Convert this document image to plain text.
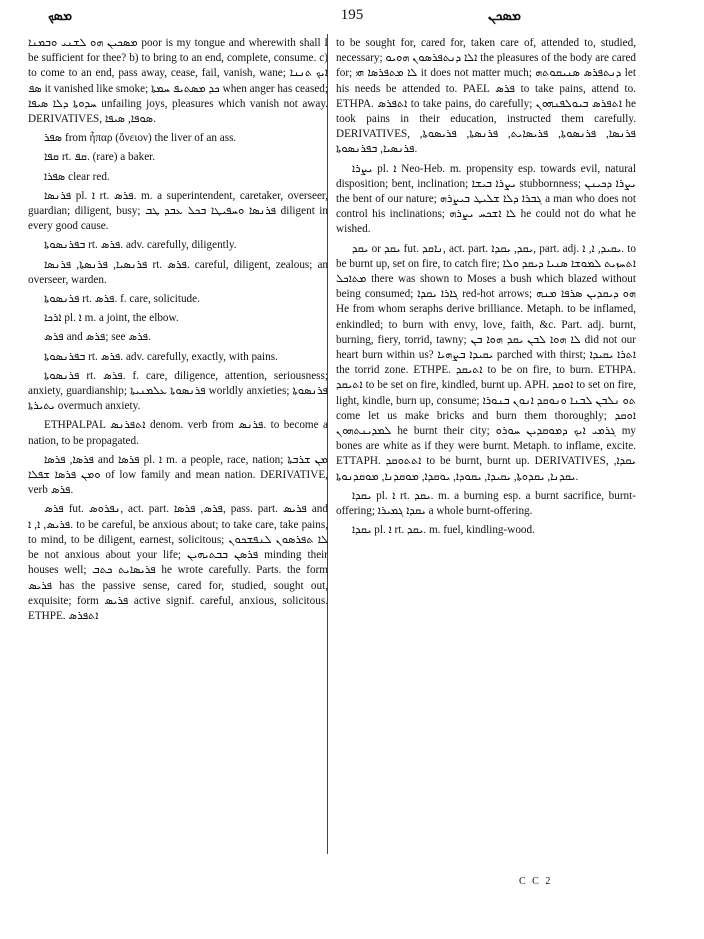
ܡܣܟ	195	ܡܣܟܢ

ܡܣܟܝܢ ܗܘ ܠܫܢܝ ܘܒܡܢܐ poor is my tongue and wherewith shall I be sufficient for thee? b) to bring to an end, complete, consume. c) to come to an end, pass away, cease, fail, vanish, wane; ܐܝܟ ܬܢܢܐ ܣܦ it vanished like smoke; ܟܕ ܡܣܬܝܦ ܚܡܬܐ when anger has ceased; ܚܕܘܬܐ ܕܠܐ ܣܝܦܐ unfailing joys, pleasures which vanish not away. DERIVATIVES, ܣܘܦܐ, ܣܝܦܐ.

ܣܦܪ from ἧπαρ (ὄνειον) the liver of an ass.

ܩܦܐ rt. ܩܦ. (rare) a baker.

ܣܦܪܐ clear red.

ܦܪܢܣܐ pl. ܐ rt. ܦܪܣ. m. a superintendent, caretaker, overseer, guardian; diligent, busy; ܦܪܢܣܐ ܘܚܦܝܛܐ ܒܟܠ ܥܒܕ ܛܒ diligent in every good cause.

ܒܦܪܢܣܘܬܐ rt. ܦܪܣ. adv. carefully, diligently.

ܦܪܢܣܝܐ, ܦܪܢܣܬܐ, ܦܪܢܣܐ rt. ܦܪܣ. careful, diligent, zealous; an overseer, warden.

ܦܪܢܣܘܬܐ rt. ܦܪܣ. f. care, solicitude.

ܐܪܟܐ pl. ܐ m. a joint, the elbow.

ܦܪܣ and ܦܪܣ; see ܦܪܣ.

ܒܦܪܢܣܘܬܐ rt. ܦܪܣ. adv. carefully, exactly, with pains.

ܦܪܢܣܘܬܐ rt. ܦܪܣ. f. care, diligence, attention, seriousness; anxiety, guardianship; ܦܪܢܣܘܬܐ ܥܠܡܢܝܬܐ worldly anxieties; ܦܪܢܣܘܬܐ ܝܬܝܪܬܐ overmuch anxiety.

ETHPALPAL ܐܬܦܪܢܣ denom. verb from ܦܪܢܣ. to become a nation, to be propagated.

ܦܪܣܐ, ܦܪܣܐ and ܦܪܣܐ pl. ܐ m. a people, race, nation; ܡܢ ܫܪܒܬܐ ܘܡܢ ܦܪܣܐ ܫܦܠܐ of low family and mean nation. DERIVATIVE, verb ܦܪܣ.

ܦܪܣ fut. ܢܦܪܘܣ, act. part. ܦܪܣ, ܦܪܣܐ, pass. part. ܦܪܝܣ and ܦܪܝܣ, ܐ, ܐ. to be careful, be anxious about; to take care, take pains, to mind, to be diligent, earnest, solicitous; ܠܐ ܬܦܪܣܘܢ ܠܢܦܫܟܘܢ be not anxious about your life; ܦܪܣܢ ܒܒܬܝܗܝܢ minding their houses well; ܦܪܝܣܐܝܬ ܟܬܒ he wrote carefully. Parts. the form ܦܪܝܣ has the passive sense, cared for, studied, sought out, exquisite; form ܦܪܝܣ active signif. careful, anxious, solicitous. ETHPE. ܐܬܦܪܣ

to be sought for, cared for, taken care of, attended to, studied, necessary; ܐܠܐ ܕܢܬܦܪܣܘܢ ܗܘܝܘ the pleasures of the body are cared for; ܠܐ ܡܬܦܪܣܐ ܗܝ it does not matter much; ܕܢܬܦܪܣ ܣܢܝܩܘܬܗ let his needs be attended to. PAEL ܦܪܣ to take pains, attend to. ETHPA. ܐܬܦܪܣ to take pains, do carefully; ܐܬܦܪܣ ܒܝܘܠܦܢܗܘܢ he took pains in their education, instructed them carefully. DERIVATIVES, ܦܪܢܣܐ, ܦܪܢܣܘܬܐ, ܦܪܝܣܐܝܬ, ܦܪܢܣܬܐ, ܦܪܝܣܘܬܐ, ܦܪܢܣܝܐ, ܒܦܪܢܣܘܬܐ.

ܝܨܪܐ pl. ܐ Neo-Heb. m. propensity esp. towards evil, natural disposition; bent, inclination; ܝܨܪܐ ܒܝܫܐ stubbornness; ܝܨܪܐ ܕܟܝܢܢ the bent of our nature; ܓܒܪܐ ܕܠܐ ܫܠܝܛ ܒܝܨܪܗ a man who does not control his inclinations; ܠܐ ܐܫܟܚ ܝܨܪܗ he could not do what he wished.

ܝܩܕ or ܝܩܕ fut. ܢܐܩܕ, act. part. ܝܩܕ, ܝܩܕܐ, part. adj. ܝܩܝܕ, ܐ, ܐ. to be burnt up, set on fire, to catch fire; ܐܬܚܙܝܬ ܠܡܘܫܐ ܣܢܝܐ ܕܝܩܕ ܘܠܐ ܡܬܐܟܠ there was shown to Moses a bush which blazed without being consumed; ܓܐܪܐ ܝܩܕܐ red-hot arrows; ܗܘ ܕܝܩܕܝܢ ܣܪܦܐ ܡܢܗ He from whom seraphs derive brilliance. Metaph. to be inflamed, enkindled; to burn with envy, love, faith, &c. Part. adj. burnt, burning, fiery, torrid, tawny; ܠܐ ܗܘܐ ܠܒܢ ܝܩܕ ܗܘܐ ܒܢ did not our heart burn within us? ܝܩܝܕܐ ܒܨܗܝܐ parched with thirst; ܐܬܪܐ ܝܩܝܕܐ the torrid zone. ETHPE. ܐܬܝܩܕ to be on fire, to burn. ETHPA. ܐܬܝܩܕ to be set on fire, kindled, burnt up. APH. ܐܘܩܕ to set on fire, light, kindle, burn up, consume; ܬܘ ܢܠܒܢ ܠܒܢܐ ܘܢܘܩܕ ܐܢܘܢ ܒܢܘܪܐ come let us make bricks and burn them thoroughly; ܐܘܩܕ ܠܡܕܝܢܬܗܘܢ he burnt their city; ܓܪܡܝ ܐܝܟ ܕܡܘܩܕܝܢ ܚܘܪܘ my bones are white as if they were burnt. Metaph. to inflame, excite. ETTAPH. ܐܬܬܘܩܕ to be burnt, burnt up. DERIVATIVES, ܝܩܕܐ, ܝܩܕܢܐ, ܝܩܕܘܬܐ, ܝܩܝܕܐ, ܝܩܘܕܐ, ܝܘܩܕܐ, ܡܘܩܕܢܐ, ܡܘܩܕܢܘܬܐ.

ܝܩܕܐ pl. ܐ rt. ܝܩܕ. m. a burning esp. a burnt sacrifice, burnt-offering; ܝܩܕܐ ܓܡܝܪܐ a whole burnt-offering.

ܝܩܕܐ pl. ܐ rt. ܝܩܕ. m. fuel, kindling-wood.

C C 2
